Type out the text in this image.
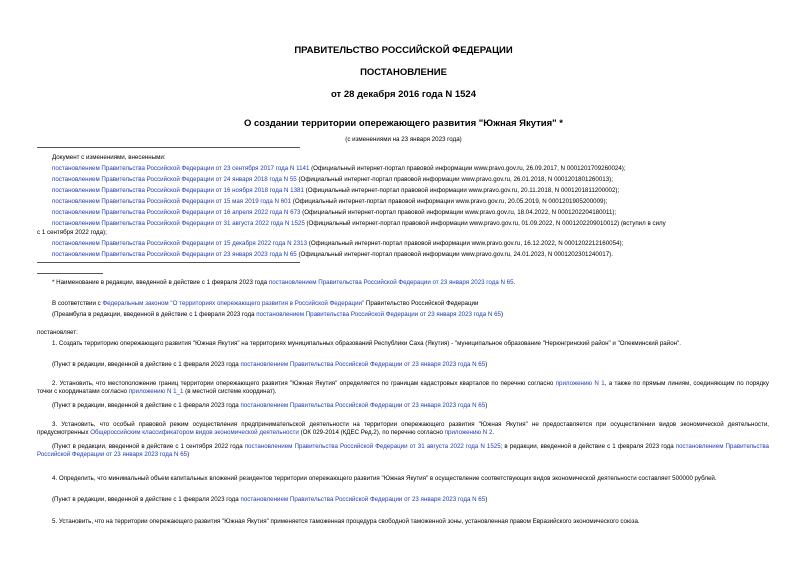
ПРАВИТЕЛЬСТВО РОССИЙСКОЙ ФЕДЕРАЦИИ
ПОСТАНОВЛЕНИЕ
от 28 декабря 2016 года N 1524
О создании территории опережающего развития "Южная Якутия" *
(с изменениями на 23 января 2023 года)
Документ с изменениями, внесенными:
постановлением Правительства Российской Федерации от 23 сентября 2017 года N 1141 (Официальный интернет-портал правовой информации www.pravo.gov.ru, 26.09.2017, N 0001201709260024);
постановлением Правительства Российской Федерации от 24 января 2018 года N 55 (Официальный интернет-портал правовой информации www.pravo.gov.ru, 26.01.2018, N 0001201801260013);
постановлением Правительства Российской Федерации от 16 ноября 2018 года N 1381 (Официальный интернет-портал правовой информации www.pravo.gov.ru, 20.11.2018, N 0001201811200002);
постановлением Правительства Российской Федерации от 15 мая 2019 года N 601 (Официальный интернет-портал правовой информации www.pravo.gov.ru, 20.05.2019, N 0001201905200009);
постановлением Правительства Российской Федерации от 16 апреля 2022 года N 673 (Официальный интернет-портал правовой информации www.pravo.gov.ru, 18.04.2022, N 0001202204180011);
постановлением Правительства Российской Федерации от 31 августа 2022 года N 1525 (Официальный интернет-портал правовой информации www.pravo.gov.ru, 01.09.2022, N 0001202209010012) (вступил в силу
с 1 сентября 2022 года);
постановлением Правительства Российской Федерации от 15 декабря 2022 года N 2313 (Официальный интернет-портал правовой информации www.pravo.gov.ru, 16.12.2022, N 0001202212160054);
постановлением Правительства Российской Федерации от 23 января 2023 года N 65 (Официальный интернет-портал правовой информации www.pravo.gov.ru, 24.01.2023, N 0001202301240017).
* Наименование в редакции, введенной в действие с 1 февраля 2023 года постановлением Правительства Российской Федерации от 23 января 2023 года N 65.
В соответствии с Федеральным законом "О территориях опережающего развития в Российской Федерации" Правительство Российской Федерации
(Преамбула в редакции, введенной в действие с 1 февраля 2023 года постановлением Правительства Российской Федерации от 23 января 2023 года N 65)
постановляет:
1. Создать территорию опережающего развития "Южная Якутия" на территориях муниципальных образований Республики Саха (Якутия) - "муниципальное образование "Нерюнгринский район" и "Олекминский район".
(Пункт в редакции, введенной в действие с 1 февраля 2023 года постановлением Правительства Российской Федерации от 23 января 2023 года N 65)
2. Установить, что местоположение границ территории опережающего развития "Южная Якутия" определяется по границам кадастровых кварталов по перечню согласно приложению N 1, а также по прямым линиям, соединяющим по порядку точки с координатами согласно приложению N 1_1 (в местной системе координат).
(Пункт в редакции, введенной в действие с 1 февраля 2023 года постановлением Правительства Российской Федерации от 23 января 2023 года N 65)
3. Установить, что особый правовой режим осуществления предпринимательской деятельности на территории опережающего развития "Южная Якутия" не предоставляется при осуществлении видов экономической деятельности, предусмотренных Общероссийским классификатором видов экономической деятельности (ОК 029-2014 (КДЕС Ред.2), по перечню согласно приложению N 2.
(Пункт в редакции, введенной в действие с 1 сентября 2022 года постановлением Правительства Российской Федерации от 31 августа 2022 года N 1525; в редакции, введенной в действие с 1 февраля 2023 года постановлением Правительства Российской Федерации от 23 января 2023 года N 65)
4. Определить, что минимальный объем капитальных вложений резидентов территории опережающего развития "Южная Якутия" в осуществление соответствующих видов экономической деятельности составляет 500000 рублей.
(Пункт в редакции, введенной в действие с 1 февраля 2023 года постановлением Правительства Российской Федерации от 23 января 2023 года N 65)
5. Установить, что на территории опережающего развития "Южная Якутия" применяется таможенная процедура свободной таможенной зоны, установленная правом Евразийского экономического союза.
